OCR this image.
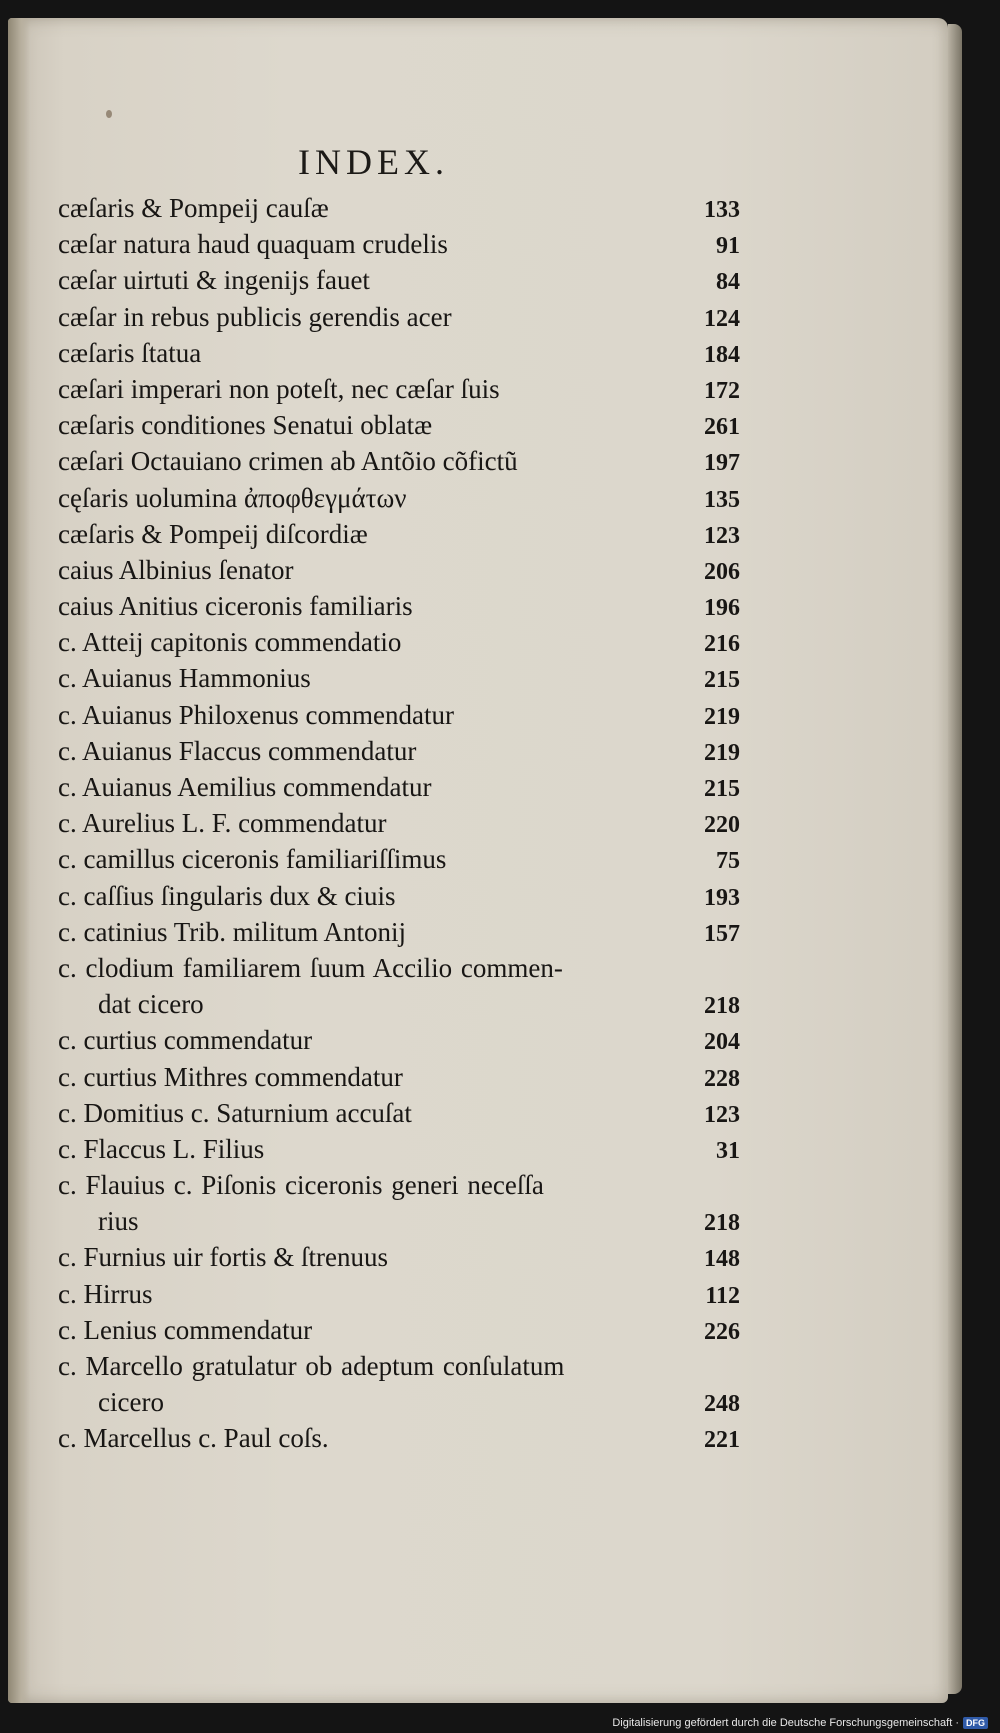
INDEX.
cæſaris & Pompeij cauſæ	133
cæſar natura haud quaquam crudelis	91
cæſar uirtuti & ingenijs fauet	84
cæſar in rebus publicis gerendis acer	124
cæſaris ſtatua	184
cæſari imperari non poteſt, nec cæſar ſuis	172
cæſaris conditiones Senatui oblatæ	261
cæſari Octauiano crimen ab Antõio cõfictũ	197
cęſaris uolumina ἀποφθεγμάτων	135
cæſaris & Pompeij diſcordiæ	123
caius Albinius ſenator	206
caius Anitius ciceronis familiaris	196
c. Atteij capitonis commendatio	216
c. Auianus Hammonius	215
c. Auianus Philoxenus commendatur	219
c. Auianus Flaccus commendatur	219
c. Auianus Aemilius commendatur	215
c. Aurelius L. F. commendatur	220
c. camillus ciceronis familiariſſimus	75
c. caſſius ſingularis dux & ciuis	193
c. catinius Trib. militum Antonij	157
c. clodium familiarem ſuum Accilio commen-
dat cicero	218
c. curtius commendatur	204
c. curtius Mithres commendatur	228
c. Domitius c. Saturnium accuſat	123
c. Flaccus L. Filius	31
c. Flauius c. Piſonis ciceronis generi neceſſa
rius	218
c. Furnius uir fortis & ſtrenuus	148
c. Hirrus	112
c. Lenius commendatur	226
c. Marcello gratulatur ob adeptum conſulatum
cicero	248
c. Marcellus c. Paul coſs.	221
Digitalisierung gefördert durch die Deutsche Forschungsgemeinschaft · DFG
